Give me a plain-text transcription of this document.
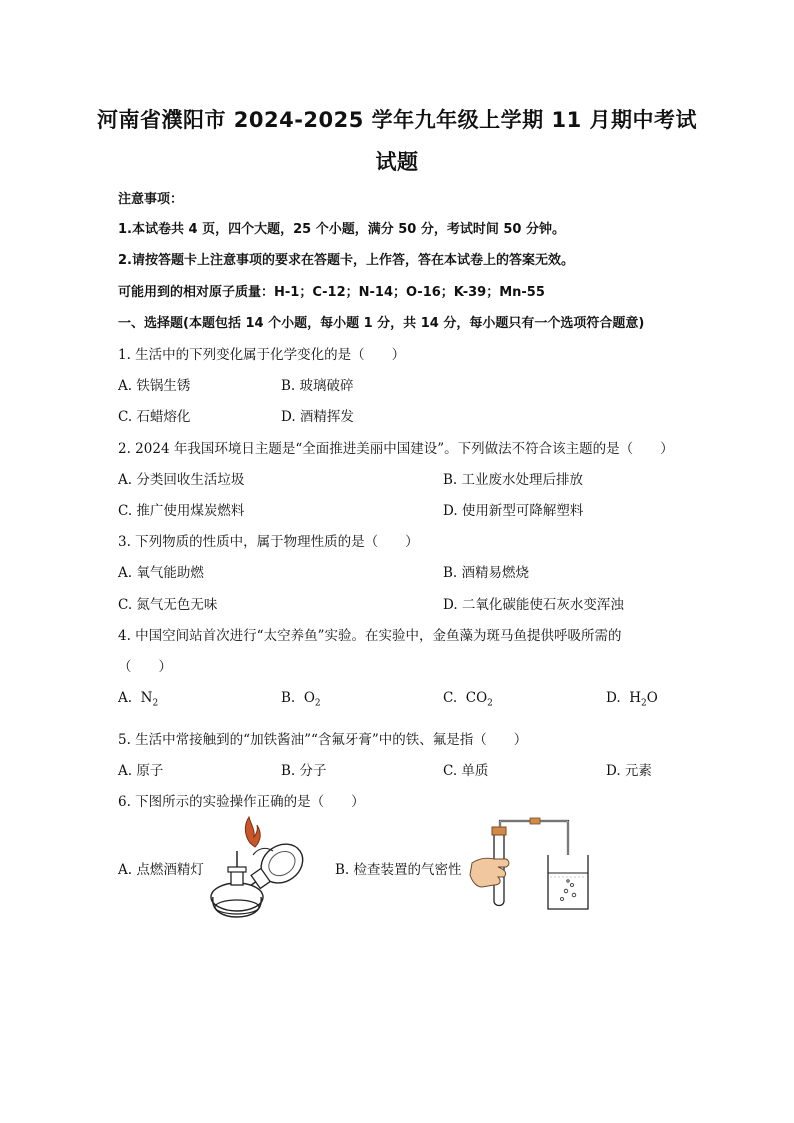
河南省濮阳市 2024-2025 学年九年级上学期 11 月期中考试
试题
注意事项：
1.本试卷共 4 页，四个大题，25 个小题，满分 50 分，考试时间 50 分钟。
2.请按答题卡上注意事项的要求在答题卡，上作答，答在本试卷上的答案无效。
可能用到的相对原子质量：H-1；C-12；N-14；O-16；K-39；Mn-55
一、选择题(本题包括 14 个小题，每小题 1 分，共 14 分，每小题只有一个选项符合题意)
1. 生活中的下列变化属于化学变化的是（　　）
A. 铁锅生锈	B. 玻璃破碎
C. 石蜡熔化	D. 酒精挥发
2. 2024 年我国环境日主题是“全面推进美丽中国建设”。下列做法不符合该主题的是（　　）
A. 分类回收生活垃圾	B. 工业废水处理后排放
C. 推广使用煤炭燃料	D. 使用新型可降解塑料
3. 下列物质的性质中，属于物理性质的是（　　）
A. 氧气能助燃	B. 酒精易燃烧
C. 氮气无色无味	D. 二氧化碳能使石灰水变浑浊
4. 中国空间站首次进行“太空养鱼”实验。在实验中，金鱼藻为斑马鱼提供呼吸所需的
（　　）
A. $N_2$	B. $O_2$	C. $CO_2$	D. $H_2O$
5. 生活中常接触到的“加铁酱油”“含氟牙膏”中的铁、氟是指（　　）
A. 原子	B. 分子	C. 单质	D. 元素
6. 下图所示的实验操作正确的是（　　）
A. 点燃酒精灯	B. 检查装置的气密性
